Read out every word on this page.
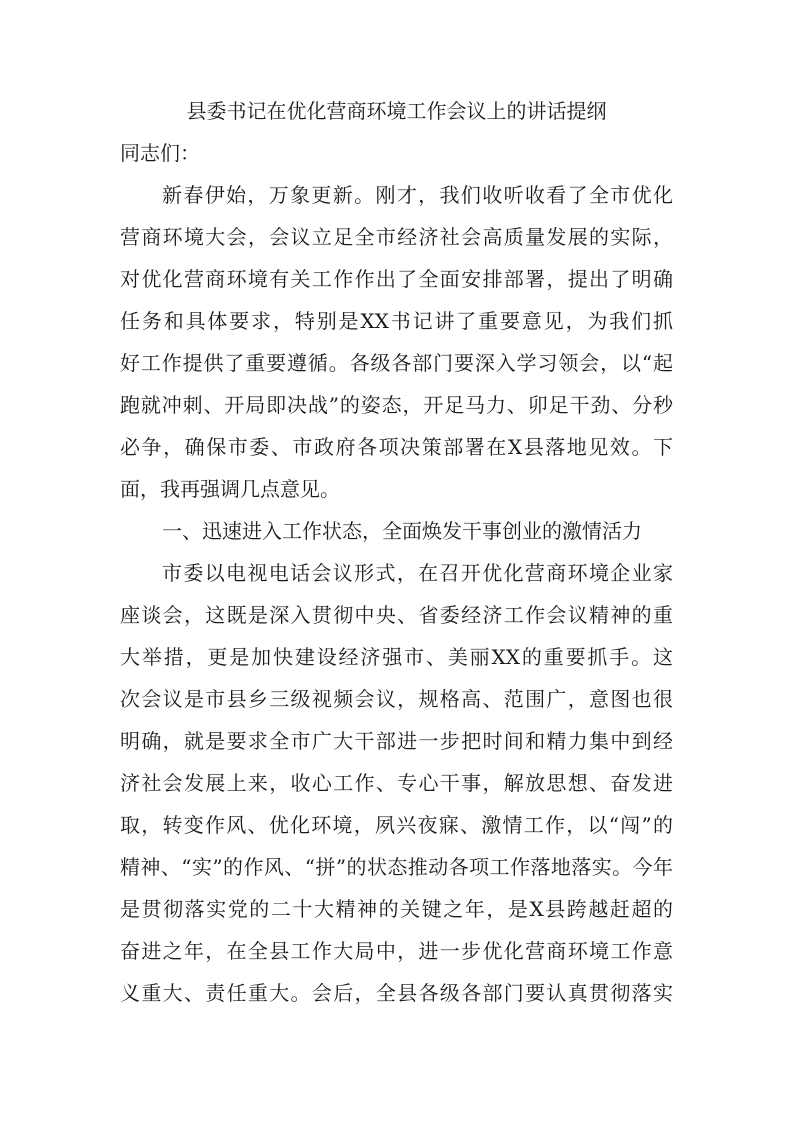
县委书记在优化营商环境工作会议上的讲话提纲
同志们：
新春伊始，万象更新。刚才，我们收听收看了全市优化
营商环境大会，会议立足全市经济社会高质量发展的实际，
对优化营商环境有关工作作出了全面安排部署，提出了明确
任务和具体要求，特别是XX书记讲了重要意见，为我们抓
好工作提供了重要遵循。各级各部门要深入学习领会，以“起
跑就冲刺、开局即决战”的姿态，开足马力、卯足干劲、分秒
必争，确保市委、市政府各项决策部署在X县落地见效。下
面，我再强调几点意见。
一、迅速进入工作状态，全面焕发干事创业的激情活力
市委以电视电话会议形式，在召开优化营商环境企业家
座谈会，这既是深入贯彻中央、省委经济工作会议精神的重
大举措，更是加快建设经济强市、美丽XX的重要抓手。这
次会议是市县乡三级视频会议，规格高、范围广，意图也很
明确，就是要求全市广大干部进一步把时间和精力集中到经
济社会发展上来，收心工作、专心干事，解放思想、奋发进
取，转变作风、优化环境，夙兴夜寐、激情工作，以“闯”的
精神、“实”的作风、“拼”的状态推动各项工作落地落实。今年
是贯彻落实党的二十大精神的关键之年，是X县跨越赶超的
奋进之年，在全县工作大局中，进一步优化营商环境工作意
义重大、责任重大。会后，全县各级各部门要认真贯彻落实
